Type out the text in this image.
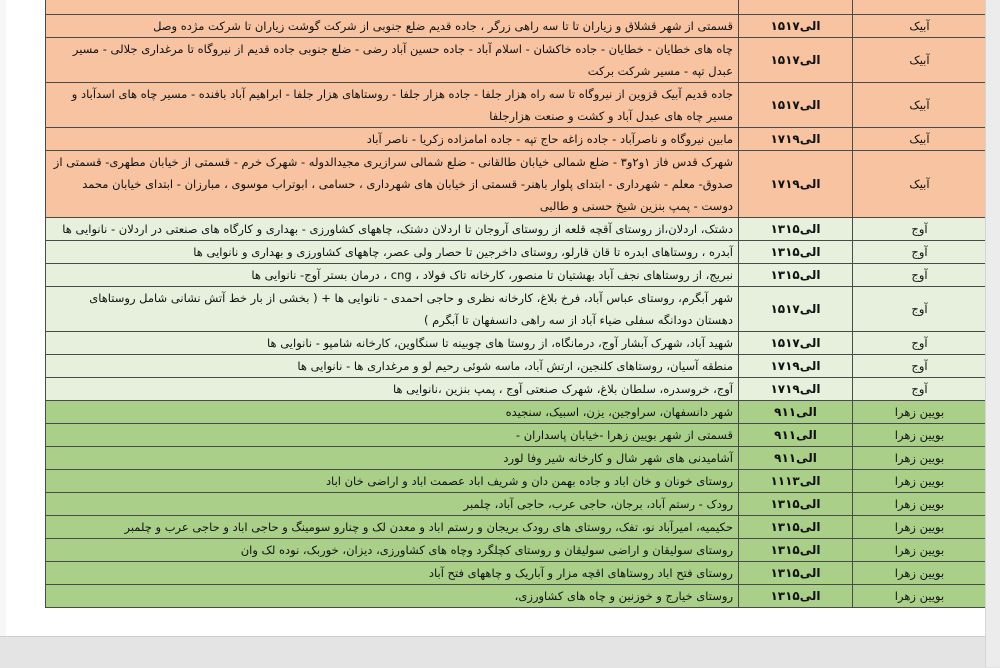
قسمتی از شهر قشلاق و زیاران تا تا سه راهی زرگر ، جاده قدیم ضلع جنوبی از شرکت گوشت زیاران تا شرکت مژده وصل	۱۵الی۱۷	آبیک
چاه های خطایان - خطایان - جاده خاکشان - اسلام آباد - جاده حسین آباد رضی - ضلع جنوبی جاده قدیم از نیروگاه تا مرغداری جلالی - مسیر عبدل تپه - مسیر شرکت برکت	۱۵الی۱۷	آبیک
جاده قدیم آبیک قزوین از نیروگاه تا سه راه هزار جلفا - جاده هزار جلفا - روستاهای هزار جلفا - ابراهیم آباد بافنده - مسیر چاه های اسدآباد و مسیر چاه های عبدل آباد و کشت و صنعت هزارجلفا	۱۵الی۱۷	آبیک
مابین نیروگاه و ناصرآباد - جاده زاغه حاج تپه - جاده امامزاده زکریا - ناصر آباد	۱۷الی۱۹	آبیک
شهرک قدس فاز ۱و۲و۳ - ضلع شمالی خیابان طالقانی - ضلع شمالی سرازیری مجیدالدوله - شهرک خرم - قسمتی از خیابان مطهری- قسمتی از صدوق- معلم - شهرداری - ابتدای پلوار باهنر- قسمتی از خیابان های شهرداری ، حسامی ، ابوتراب موسوی ، مبارزان - ابتدای خیابان محمد دوست - پمپ بنزین شیخ حسنی و طالبی	۱۷الی۱۹	آبیک
دشتک، اردلان،از روستای آقچه قلعه از روستای آروجان تا اردلان دشتک، چاههای کشاورزی - بهداری و کارگاه های صنعتی در اردلان - نانوایی ها	۱۳الی۱۵	آوج
آبدره ، روستاهای ابدره تا قان قارلو، روستای داخرجین تا حصار ولی عصر، چاههای کشاورزی و بهداری و نانوایی ها	۱۳الی۱۵	آوج
نبریج، از روستاهای نجف آباد بهشتیان تا منصور، کارخانه تاک فولاد ، cng ، درمان بستر آوج- نانوایی ها	۱۳الی۱۵	آوج
شهر آبگرم، روستای عباس آباد، فرخ بلاغ، کارخانه نظری و حاجی احمدی - نانوایی ها + ( بخشی از بار خط آتش نشانی شامل روستاهای دهستان دودانگه سفلی ضیاء آباد از سه راهی دانسفهان تا آبگرم )	۱۵الی۱۷	آوج
شهید آباد، شهرک آبشار آوج، درمانگاه، از روستا های چوبینه تا سنگاوین، کارخانه شامپو - نانوایی ها	۱۵الی۱۷	آوج
منطقه آسیان، روستاهای کلنجین، ارتش آباد، ماسه شوئی رحیم لو و مرغداری ها - نانوایی ها	۱۷الی۱۹	آوج
آوج، خروسدره، سلطان بلاغ، شهرک صنعتی آوج ، پمپ بنزین ،نانوایی ها	۱۷الی۱۹	آوج
شهر دانسفهان، سراوجین، یزن، اسبیک، سنجیده	۹الی۱۱	بویین زهرا
قسمتی از شهر بویین زهرا -خیابان پاسداران -	۹الی۱۱	بویین زهرا
آشامیدنی های شهر شال و کارخانه شیر وفا لورد	۹الی۱۱	بویین زهرا
روستای خونان و خان اباد و جاده بهمن دان و شریف اباد عصمت اباد و اراضی خان اباد	۱۱الی۱۳	بویین زهرا
رودک - رستم آباد، برجان، حاجی عرب، حاجی آباد، چلمبر	۱۳الی۱۵	بویین زهرا
حکیمیه، امیرآباد نو، تفک، روستای های رودک بریجان و رستم اباد و معدن لک و چنارو سومینگ و حاجی اباد و حاجی عرب و چلمبر	۱۳الی۱۵	بویین زهرا
روستای سولیقان و اراضی سولیقان و روستای کچلگرد وچاه های کشاورزی، دیزان، خوربک، نوده لک وان	۱۳الی۱۵	بویین زهرا
روستای فتح اباد روستاهای اقچه مزار و آباریک و چاههای فتح آباد	۱۳الی۱۵	بویین زهرا
روستای خیارج و خوزنین و چاه های کشاورزی،	۱۳الی۱۵	بویین زهرا
